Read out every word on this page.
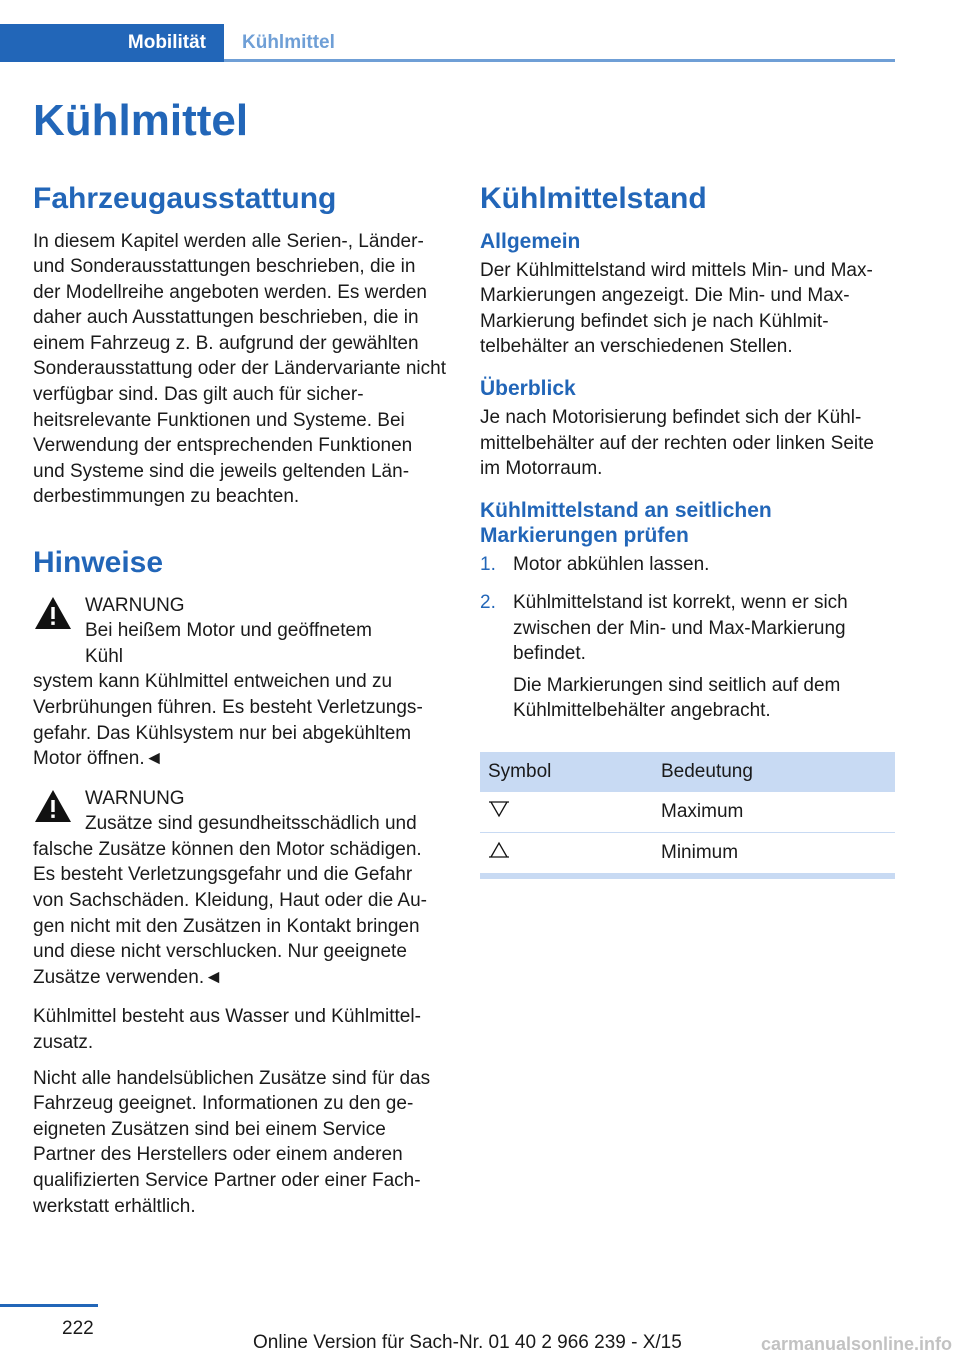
Mobilität	Kühlmittel
Kühlmittel
Fahrzeugausstattung

In diesem Kapitel werden alle Serien-, Länder- und Sonderausstattungen beschrieben, die in der Modellreihe angeboten werden. Es werden daher auch Ausstattungen beschrieben, die in einem Fahrzeug z. B. aufgrund der gewählten Sonderausstattung oder der Ländervariante nicht verfügbar sind. Das gilt auch für sicherheitsrelevante Funktionen und Systeme. Bei Verwendung der entsprechenden Funktionen und Systeme sind die jeweils geltenden Länderbestimmungen zu beachten.

Hinweise
WARNUNG
Bei heißem Motor und geöffnetem Kühl
system kann Kühlmittel entweichen und zu Verbrühungen führen. Es besteht Verletzungsgefahr. Das Kühlsystem nur bei abgekühltem Motor öffnen.◄
WARNUNG
Zusätze sind gesundheitsschädlich und
falsche Zusätze können den Motor schädigen. Es besteht Verletzungsgefahr und die Gefahr von Sachschäden. Kleidung, Haut oder die Augen nicht mit den Zusätzen in Kontakt bringen und diese nicht verschlucken. Nur geeignete Zusätze verwenden.◄

Kühlmittel besteht aus Wasser und Kühlmittelzusatz.

Nicht alle handelsüblichen Zusätze sind für das Fahrzeug geeignet. Informationen zu den geeigneten Zusätzen sind bei einem Service Partner des Herstellers oder einem anderen qualifizierten Service Partner oder einer Fachwerkstatt erhältlich.

Kühlmittelstand
Allgemein

Der Kühlmittelstand wird mittels Min- und Max-Markierungen angezeigt. Die Min- und Max-Markierung befindet sich je nach Kühlmittelbehälter an verschiedenen Stellen.

Überblick

Je nach Motorisierung befindet sich der Kühlmittelbehälter auf der rechten oder linken Seite im Motorraum.

Kühlmittelstand an seitlichen Markierungen prüfen
1. Motor abkühlen lassen.

2. Kühlmittelstand ist korrekt, wenn er sich zwischen der Min- und Max-Markierung befindet.

Die Markierungen sind seitlich auf dem Kühlmittelbehälter angebracht.

Symbol	Bedeutung
	Maximum
	Minimum
222
Online Version für Sach-Nr. 01 40 2 966 239 - X/15	carmanualsonline.info
